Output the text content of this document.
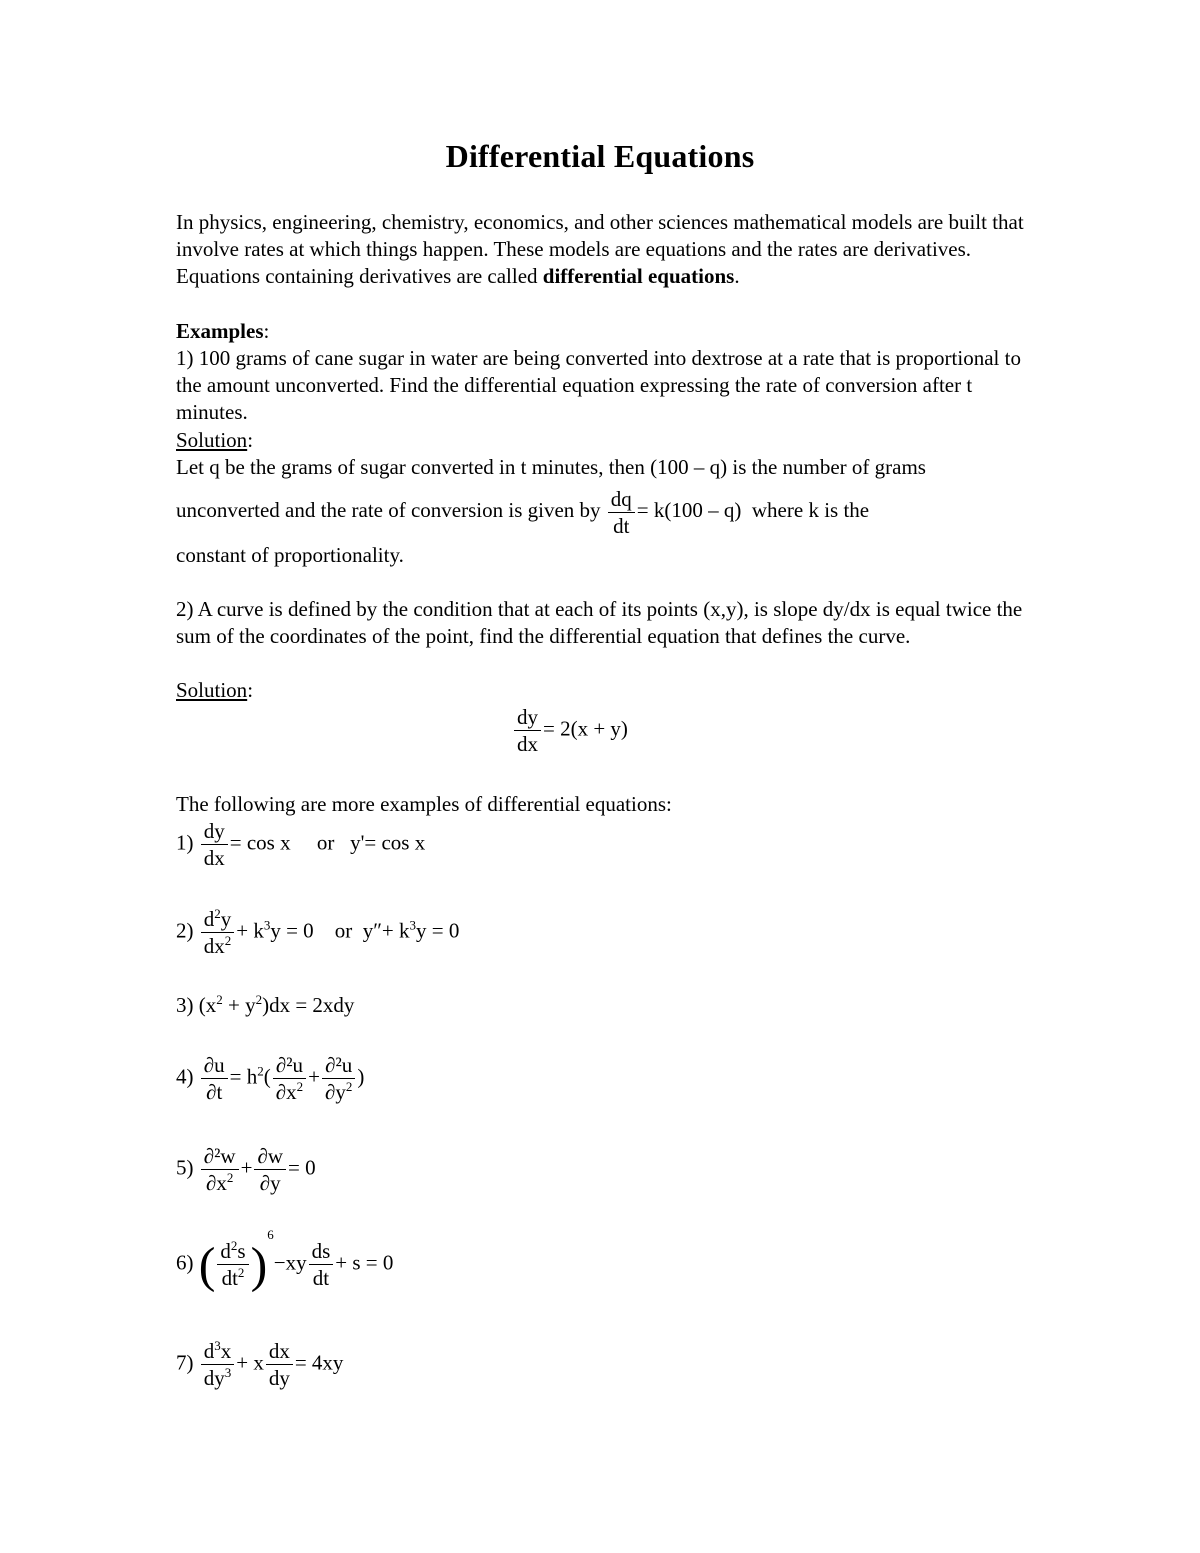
Differential Equations
In physics, engineering, chemistry, economics, and other sciences mathematical models are built that involve rates at which things happen. These models are equations and the rates are derivatives. Equations containing derivatives are called differential equations.
Examples:
1) 100 grams of cane sugar in water are being converted into dextrose at a rate that is proportional to the amount unconverted. Find the differential equation expressing the rate of conversion after t minutes.
Solution:
Let q be the grams of sugar converted in t minutes, then (100 – q) is the number of grams
unconverted and the rate of conversion is given by $\frac{dq}{dt} = k(100 - q)$ where k is the
constant of proportionality.
2) A curve is defined by the condition that at each of its points (x,y), is slope dy/dx is equal twice the sum of the coordinates of the point, find the differential equation that defines the curve.
Solution:
$\frac{dy}{dx} = 2(x + y)$
The following are more examples of differential equations:
$1) \frac{dy}{dx} = \cos x$ or y'= cos x
$2) \frac{d^2y}{dx^2} + k^3y = 0$ or $y''+ k^3y = 0$
3) $(x^2 + y^2)dx = 2xdy$
$4) \frac{\partial u}{\partial t} = h^2( \frac{\text{∂²u}}{\partial x^2} + \frac{\text{∂²u}}{\partial y^2}$ )
$5) \frac{\text{∂²w}}{\partial x^2} + \frac{\partial w}{\partial y} = 0$
6) ( $\frac{d^2s}{dt^2} )^6-xy \frac{ds}{dt} + s = 0$
$7) \frac{d^3x}{dy^3} + x \frac{dx}{dy} = 4xy$
